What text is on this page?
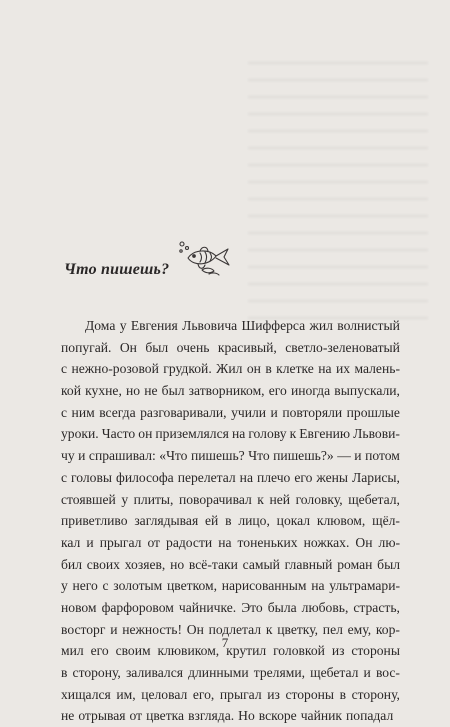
Что пишешь?
Дома у Евгения Львовича Шифферса жил волнистый
попугай. Он был очень красивый, светло-зеленоватый
с нежно-розовой грудкой. Жил он в клетке на их малень-
кой кухне, но не был затворником, его иногда выпускали,
с ним всегда разговаривали, учили и повторяли прошлые
уроки. Часто он приземлялся на голову к Евгению Львови-
чу и спрашивал: «Что пишешь? Что пишешь?» — и потом
с головы философа перелетал на плечо его жены Ларисы,
стоявшей у плиты, поворачивал к ней головку, щебетал,
приветливо заглядывая ей в лицо, цокал клювом, щёл-
кал и прыгал от радости на тоненьких ножках. Он лю-
бил своих хозяев, но всё-таки самый главный роман был
у него с золотым цветком, нарисованным на ультрамари-
новом фарфоровом чайничке. Это была любовь, страсть,
восторг и нежность! Он подлетал к цветку, пел ему, кор-
мил его своим клювиком, крутил головкой из стороны
в сторону, заливался длинными трелями, щебетал и вос-
хищался им, целовал его, прыгал из стороны в сторону,
не отрывая от цветка взгляда. Но вскоре чайник попадал
7
